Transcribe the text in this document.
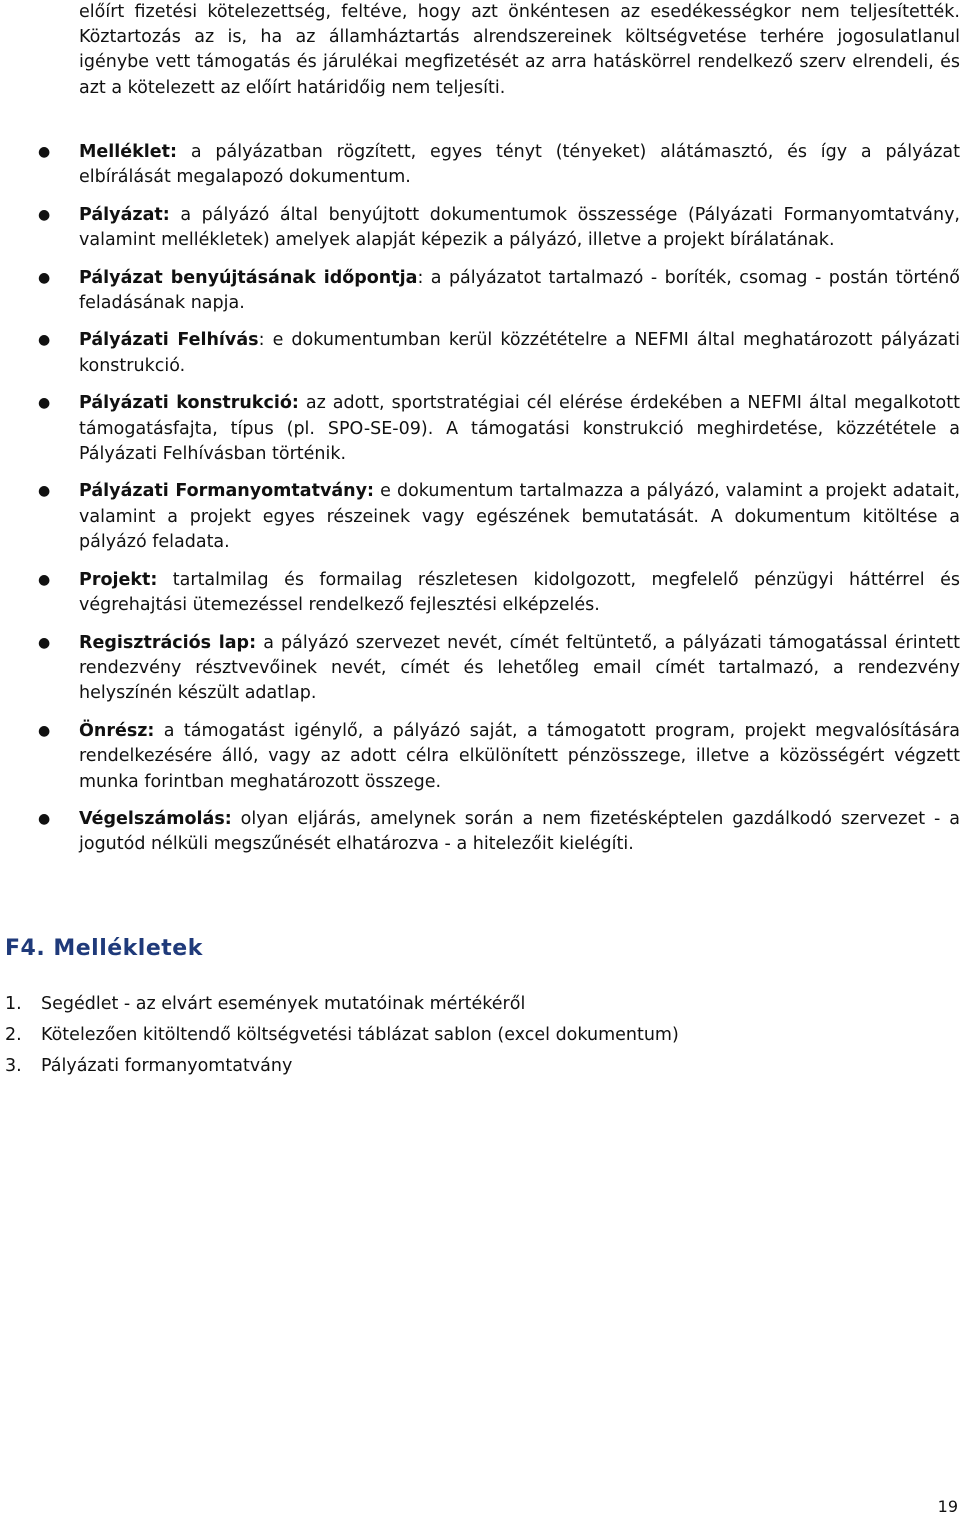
előírt fizetési kötelezettség, feltéve, hogy azt önkéntesen az esedékességkor nem teljesítették. Köztartozás az is, ha az államháztartás alrendszereinek költségvetése terhére jogosulatlanul igénybe vett támogatás és járulékai megfizetését az arra hatáskörrel rendelkező szerv elrendeli, és azt a kötelezett az előírt határidőig nem teljesíti.

● Melléklet: a pályázatban rögzített, egyes tényt (tényeket) alátámasztó, és így a pályázat elbírálását megalapozó dokumentum.
● Pályázat: a pályázó által benyújtott dokumentumok összessége (Pályázati Formanyomtatvány, valamint mellékletek) amelyek alapját képezik a pályázó, illetve a projekt bírálatának.
● Pályázat benyújtásának időpontja: a pályázatot tartalmazó - boríték, csomag - postán történő feladásának napja.
● Pályázati Felhívás: e dokumentumban kerül közzétételre a NEFMI által meghatározott pályázati konstrukció.
● Pályázati konstrukció: az adott, sportstratégiai cél elérése érdekében a NEFMI által megalkotott támogatásfajta, típus (pl. SPO-SE-09). A támogatási konstrukció meghirdetése, közzététele a Pályázati Felhívásban történik.
● Pályázati Formanyomtatvány: e dokumentum tartalmazza a pályázó, valamint a projekt adatait, valamint a projekt egyes részeinek vagy egészének bemutatását. A dokumentum kitöltése a pályázó feladata.
● Projekt: tartalmilag és formailag részletesen kidolgozott, megfelelő pénzügyi háttérrel és végrehajtási ütemezéssel rendelkező fejlesztési elképzelés.
● Regisztrációs lap: a pályázó szervezet nevét, címét feltüntető, a pályázati támogatással érintett rendezvény résztvevőinek nevét, címét és lehetőleg email címét tartalmazó, a rendezvény helyszínén készült adatlap.
● Önrész: a támogatást igénylő, a pályázó saját, a támogatott program, projekt megvalósítására rendelkezésére álló, vagy az adott célra elkülönített pénzösszege, illetve a közösségért végzett munka forintban meghatározott összege.
● Végelszámolás: olyan eljárás, amelynek során a nem fizetésképtelen gazdálkodó szervezet - a jogutód nélküli megszűnését elhatározva - a hitelezőit kielégíti.
F4. Mellékletek
1. Segédlet - az elvárt események mutatóinak mértékéről
2. Kötelezően kitöltendő költségvetési táblázat sablon (excel dokumentum)
3. Pályázati formanyomtatvány
19
